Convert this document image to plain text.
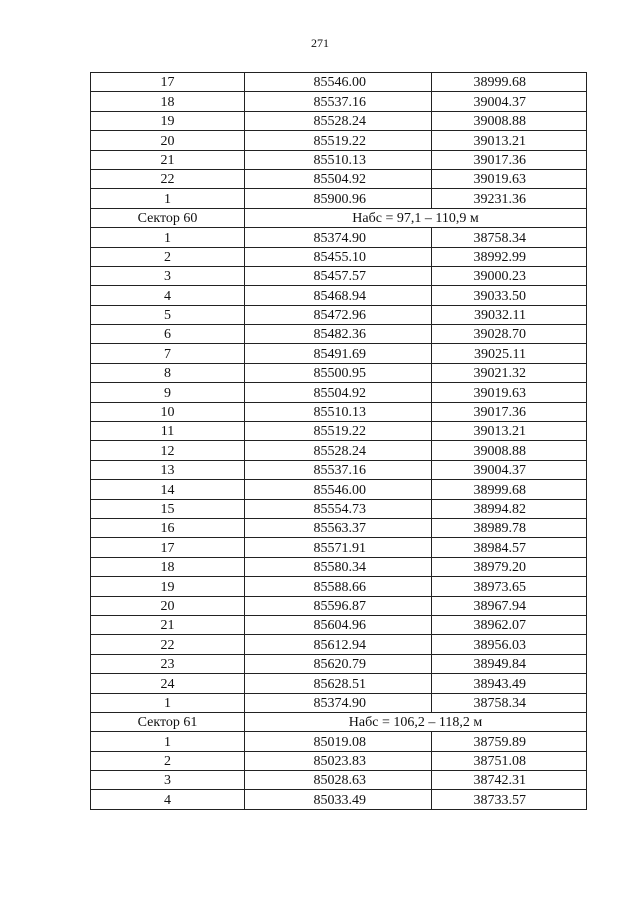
271
17	85546.00	38999.68
18	85537.16	39004.37
19	85528.24	39008.88
20	85519.22	39013.21
21	85510.13	39017.36
22	85504.92	39019.63
1	85900.96	39231.36
Сектор 60	Набс = 97,1 – 110,9 м	
1	85374.90	38758.34
2	85455.10	38992.99
3	85457.57	39000.23
4	85468.94	39033.50
5	85472.96	39032.11
6	85482.36	39028.70
7	85491.69	39025.11
8	85500.95	39021.32
9	85504.92	39019.63
10	85510.13	39017.36
11	85519.22	39013.21
12	85528.24	39008.88
13	85537.16	39004.37
14	85546.00	38999.68
15	85554.73	38994.82
16	85563.37	38989.78
17	85571.91	38984.57
18	85580.34	38979.20
19	85588.66	38973.65
20	85596.87	38967.94
21	85604.96	38962.07
22	85612.94	38956.03
23	85620.79	38949.84
24	85628.51	38943.49
1	85374.90	38758.34
Сектор 61	Набс = 106,2 – 118,2 м	
1	85019.08	38759.89
2	85023.83	38751.08
3	85028.63	38742.31
4	85033.49	38733.57
